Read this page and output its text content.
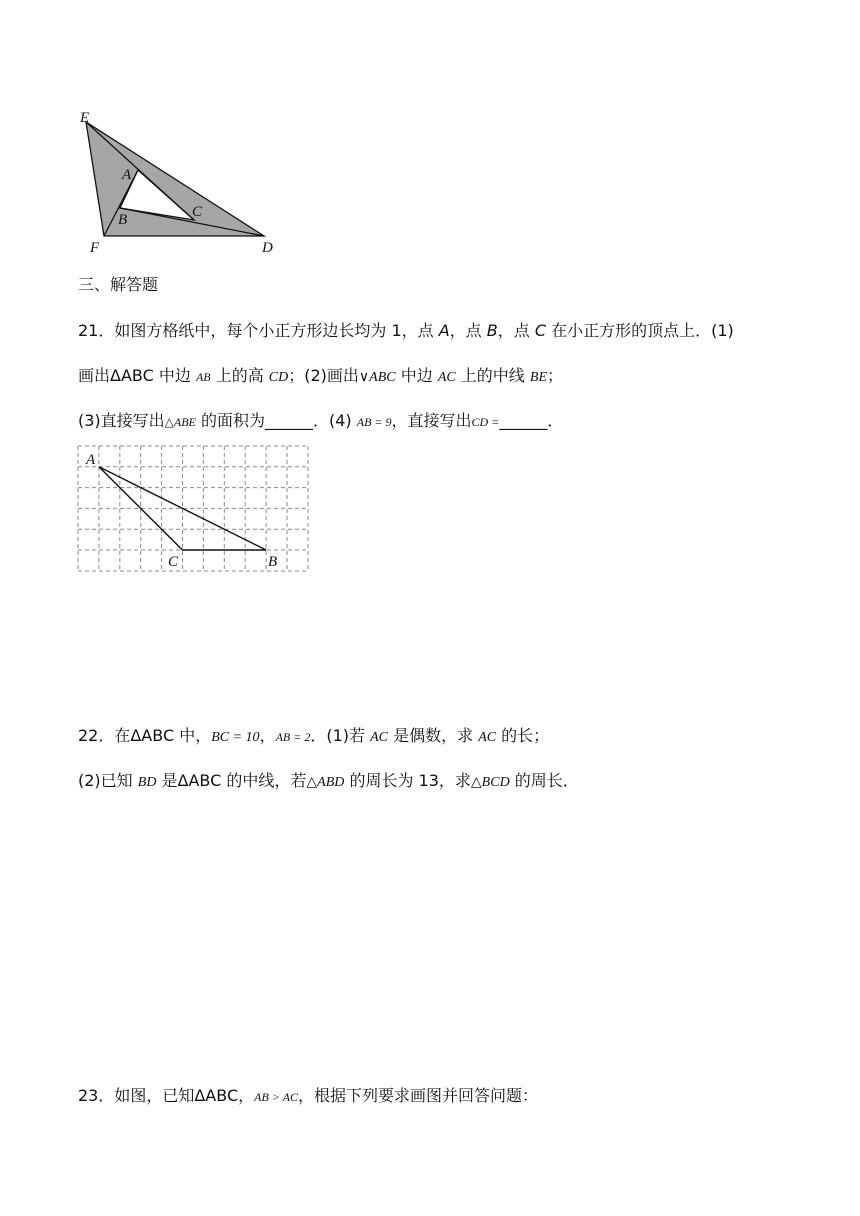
E
A
B	C
F	D
三、解答题
21．如图方格纸中，每个小正方形边长均为 1，点 A，点 B，点 C 在小正方形的顶点上．(1)
画出ΔABC 中边 AB 上的高 CD；(2)画出∨ABC 中边 AC 上的中线 BE；
(3)直接写出△ABE 的面积为______．(4) AB = 9，直接写出CD =______．
A
C	B
22．在ΔABC 中，BC = 10，AB = 2．(1)若 AC 是偶数，求 AC 的长；
(2)已知 BD 是ΔABC 的中线，若△ABD 的周长为 13，求△BCD 的周长．
23．如图，已知ΔABC，AB > AC，根据下列要求画图并回答问题：
